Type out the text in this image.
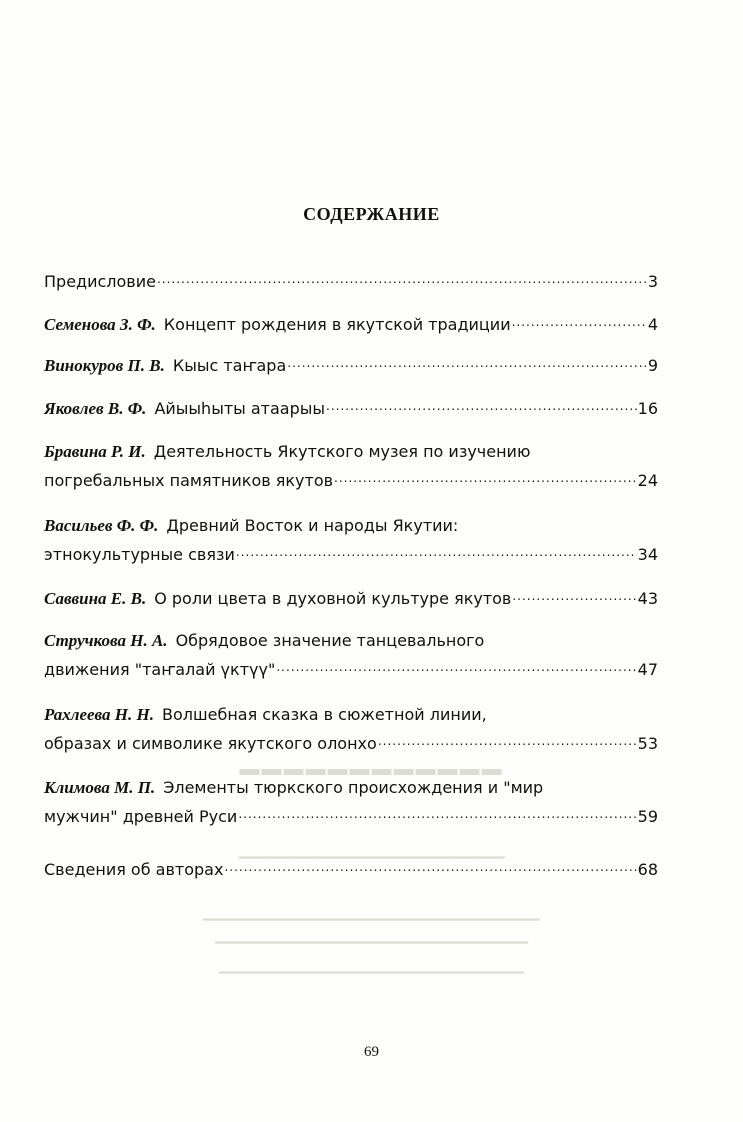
▬▬▬▬▬▬▬▬▬▬▬▬
━━━━━━━━━━━━━━━━━━━━━━━━━━━━━━━━━━
━━━━━━━━━━━━━━━━━━━━━━━━━━━━━━━━━━━━━━━━━━━
━━━━━━━━━━━━━━━━━━━━━━━━━━━━━━━━━━━━━━━━
━━━━━━━━━━━━━━━━━━━━━━━━━━━━━━━━━━━━━━━
СОДЕРЖАНИЕ
Предисловие .....	3
Семенова З. Ф. Концепт рождения в якутской традиции .....	4
Винокуров П. В. Кыыс таҥара .....	9
Яковлев В. Ф. Айыыһыты атаарыы .....	16
Бравина Р. И. Деятельность Якутского музея по изучению
погребальных памятников якутов .....	24
Васильев Ф. Ф. Древний Восток и народы Якутии:
этнокультурные связи .....	34
Саввина Е. В. О роли цвета в духовной культуре якутов .....	43
Стручкова Н. А. Обрядовое значение танцевального
движения "таҥалай үктүү" .....	47
Рахлеева Н. Н. Волшебная сказка в сюжетной линии,
образах и символике якутского олонхо .....	53
Климова М. П. Элементы тюркского происхождения и "мир
мужчин" древней Руси .....	59
Сведения об авторах .....	68
69
